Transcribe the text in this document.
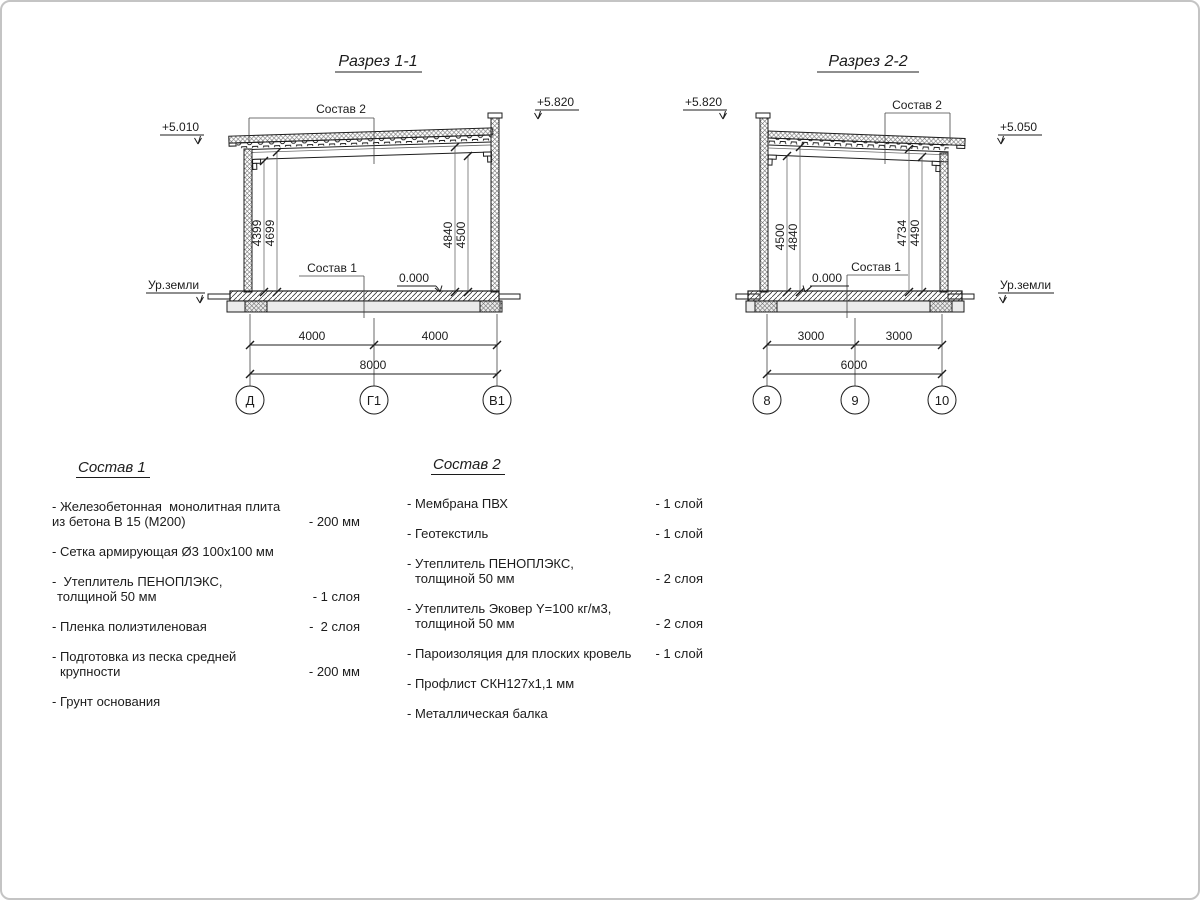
Разрез 1-1
+5.010
+5.820
Состав 2
Состав 1
0.000
Ур.земли
4399 4699	4840 4500
4000	4000
8000
Д	Г1	В1
Разрез 2-2
+5.820
+5.050
Состав 2
Состав 1
0.000	Ур.земли
4500 4840	4734 4490
3000	3000
6000
8	9	10
Состав 1
- Железобетонная  монолитная плита
из бетона В 15 (М200)	- 200 мм
- Сетка армирующая Ø3 100х100 мм
-  Утеплитель ПЕНОПЛЭКС,
толщиной 50 мм	- 1 слоя
- Пленка полиэтиленовая	-  2 слоя
- Подготовка из песка средней
крупности	- 200 мм
- Грунт основания
Состав 2
- Мембрана ПВХ	- 1 слой
- Геотекстиль	- 1 слой
- Утеплитель ПЕНОПЛЭКС,
толщиной 50 мм	- 2 слоя
- Утеплитель Эковер Y=100 кг/м3,
толщиной 50 мм	- 2 слоя
- Пароизоляция для плоских кровель	- 1 слой
- Профлист СКН127х1,1 мм
- Металлическая балка
